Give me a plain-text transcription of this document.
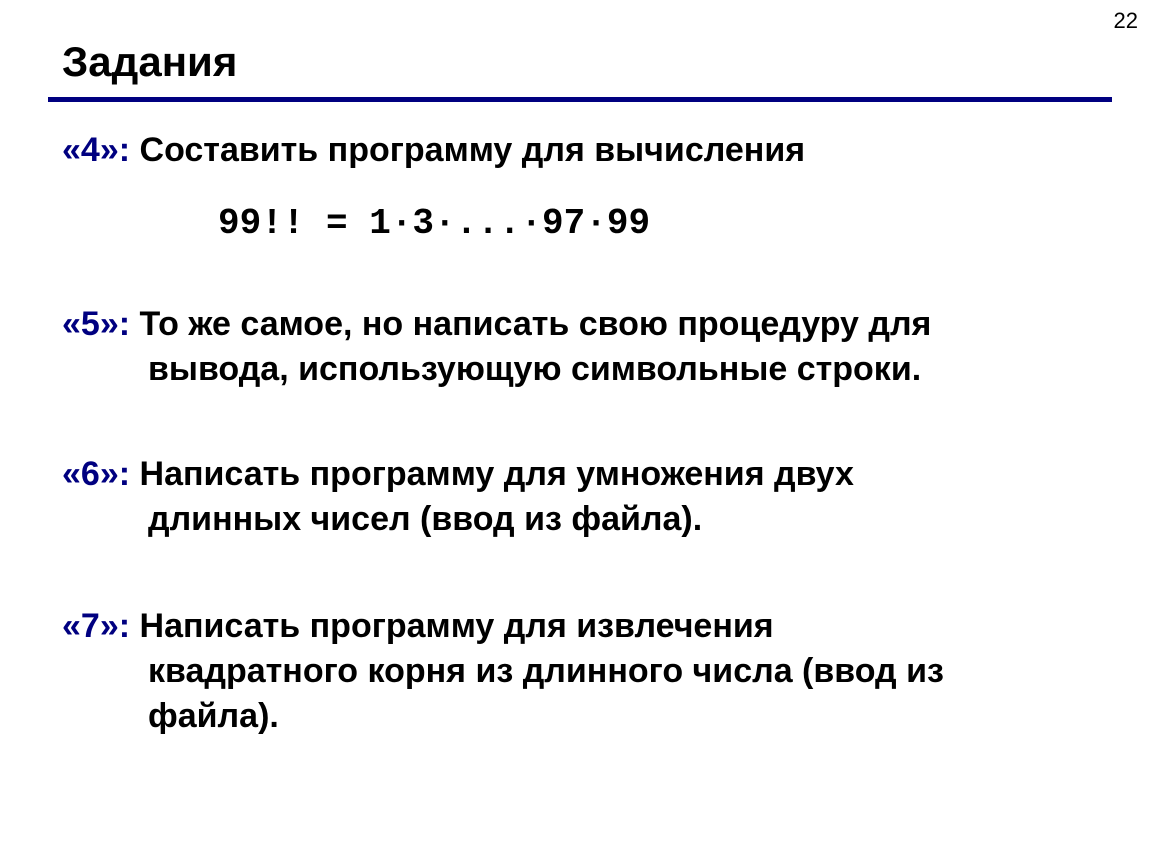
22
Задания
«4»: Составить программу для вычисления
99!! = 1·3·...·97·99
«5»: То же самое, но написать свою процедуру для
вывода, использующую символьные строки.
«6»: Написать программу для умножения двух
длинных чисел (ввод из файла).
«7»: Написать программу для извлечения
квадратного корня из длинного числа (ввод из
файла).
